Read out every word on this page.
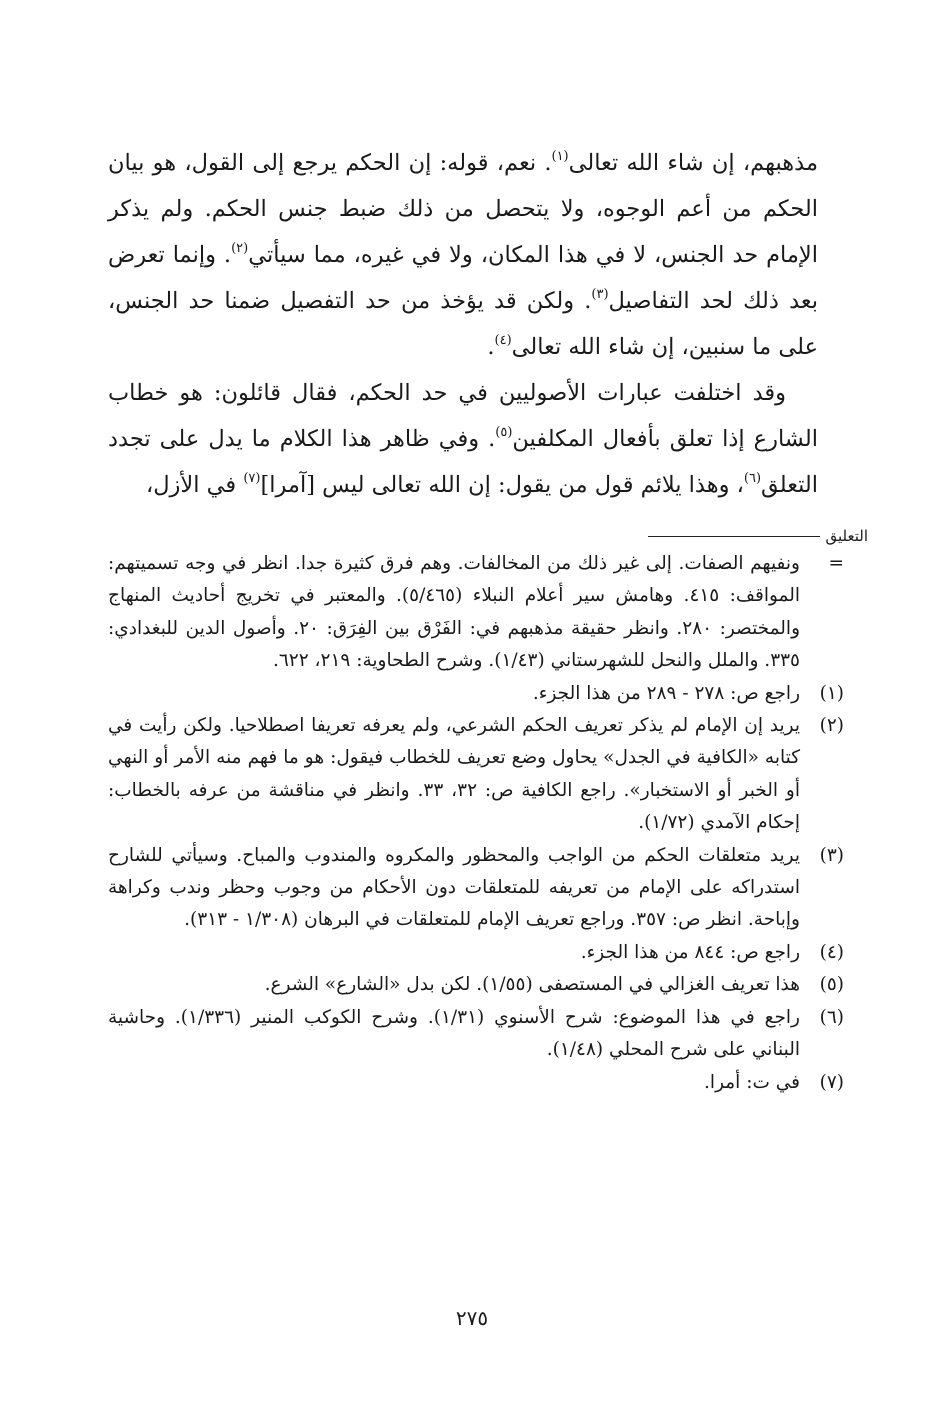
مذهبهم، إن شاء الله تعالى$^{(١)}$. نعم، قوله: إن الحكم يرجع إلى القول، هو بيان الحكم من أعم الوجوه، ولا يتحصل من ذلك ضبط جنس الحكم. ولم يذكر الإمام حد الجنس، لا في هذا المكان، ولا في غيره، مما سيأتي$^{(٢)}$. وإنما تعرض بعد ذلك لحد التفاصيل$^{(٣)}$. ولكن قد يؤخذ من حد التفصيل ضمنا حد الجنس، على ما سنبين، إن شاء الله تعالى$^{(٤)}$.

وقد اختلفت عبارات الأصوليين في حد الحكم، فقال قائلون: هو خطاب الشارع إذا تعلق بأفعال المكلفين$^{(٥)}$. وفي ظاهر هذا الكلام ما يدل على تجدد التعلق$^{(٦)}$، وهذا يلائم قول من يقول: إن الله تعالى ليس [آمرا]$^{(٧)}$ في الأزل،

التعليق
=
ونفيهم الصفات. إلى غير ذلك من المخالفات. وهم فرق كثيرة جدا. انظر في وجه تسميتهم: المواقف: ٤١٥. وهامش سير أعلام النبلاء (٥/٤٦٥). والمعتبر في تخريج أحاديث المنهاج والمختصر: ٢٨٠. وانظر حقيقة مذهبهم في: الفَرْق بين الفِرَق: ٢٠. وأصول الدين للبغدادي: ٣٣٥. والملل والنحل للشهرستاني (١/٤٣). وشرح الطحاوية: ٢١٩، ٦٢٢.
(١)
راجع ص: ٢٧٨ - ٢٨٩ من هذا الجزء.
(٢)
يريد إن الإمام لم يذكر تعريف الحكم الشرعي، ولم يعرفه تعريفا اصطلاحيا. ولكن رأيت في كتابه «الكافية في الجدل» يحاول وضع تعريف للخطاب فيقول: هو ما فهم منه الأمر أو النهي أو الخبر أو الاستخبار». راجع الكافية ص: ٣٢، ٣٣. وانظر في مناقشة من عرفه بالخطاب: إحكام الآمدي (١/٧٢).
(٣)
يريد متعلقات الحكم من الواجب والمحظور والمكروه والمندوب والمباح. وسيأتي للشارح استدراكه على الإمام من تعريفه للمتعلقات دون الأحكام من وجوب وحظر وندب وكراهة وإباحة. انظر ص: ٣٥٧. وراجع تعريف الإمام للمتعلقات في البرهان (١/٣٠٨ - ٣١٣).
(٤)
راجع ص: ٨٤٤ من هذا الجزء.
(٥)
هذا تعريف الغزالي في المستصفى (١/٥٥). لكن بدل «الشارع» الشرع.
(٦)
راجع في هذا الموضوع: شرح الأسنوي (١/٣١). وشرح الكوكب المنير (١/٣٣٦). وحاشية البناني على شرح المحلي (١/٤٨).
(٧)
في ت: أمرا.
٢٧٥
